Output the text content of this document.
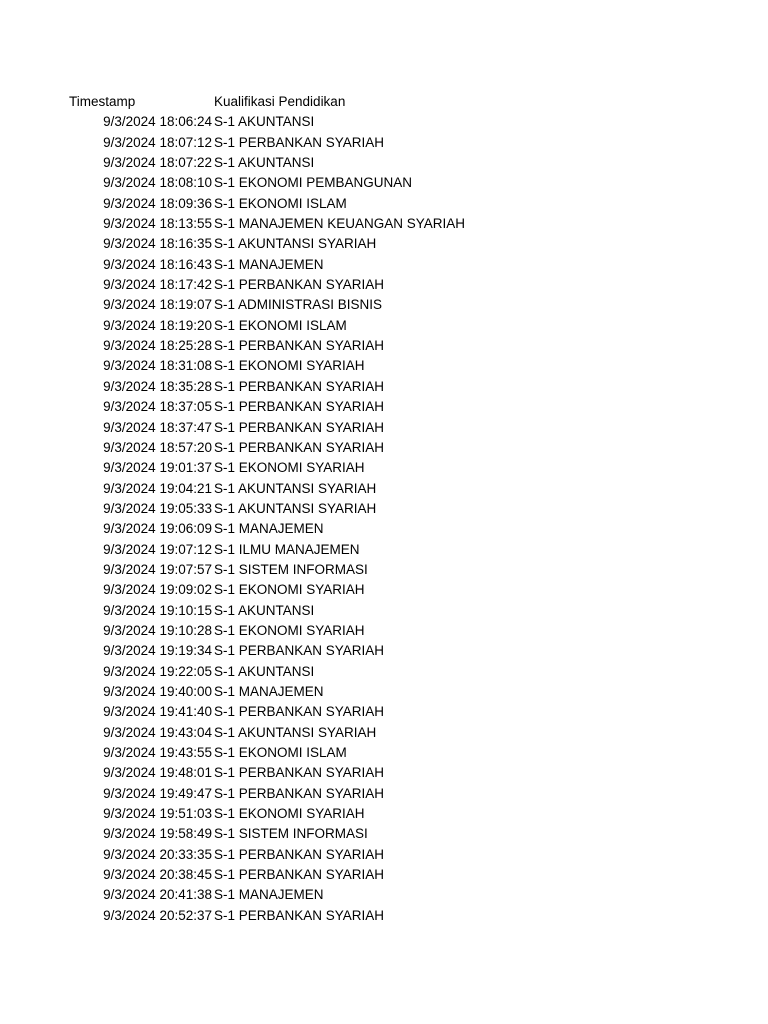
Timestamp	Kualifikasi Pendidikan
9/3/2024 18:06:24 S-1 AKUNTANSI
9/3/2024 18:07:12 S-1 PERBANKAN SYARIAH
9/3/2024 18:07:22 S-1 AKUNTANSI
9/3/2024 18:08:10 S-1 EKONOMI PEMBANGUNAN
9/3/2024 18:09:36 S-1 EKONOMI ISLAM
9/3/2024 18:13:55 S-1 MANAJEMEN KEUANGAN SYARIAH
9/3/2024 18:16:35 S-1 AKUNTANSI SYARIAH
9/3/2024 18:16:43 S-1 MANAJEMEN
9/3/2024 18:17:42 S-1 PERBANKAN SYARIAH
9/3/2024 18:19:07 S-1 ADMINISTRASI BISNIS
9/3/2024 18:19:20 S-1 EKONOMI ISLAM
9/3/2024 18:25:28 S-1 PERBANKAN SYARIAH
9/3/2024 18:31:08 S-1 EKONOMI SYARIAH
9/3/2024 18:35:28 S-1 PERBANKAN SYARIAH
9/3/2024 18:37:05 S-1 PERBANKAN SYARIAH
9/3/2024 18:37:47 S-1 PERBANKAN SYARIAH
9/3/2024 18:57:20 S-1 PERBANKAN SYARIAH
9/3/2024 19:01:37 S-1 EKONOMI SYARIAH
9/3/2024 19:04:21 S-1 AKUNTANSI SYARIAH
9/3/2024 19:05:33 S-1 AKUNTANSI SYARIAH
9/3/2024 19:06:09 S-1 MANAJEMEN
9/3/2024 19:07:12 S-1 ILMU MANAJEMEN
9/3/2024 19:07:57 S-1 SISTEM INFORMASI
9/3/2024 19:09:02 S-1 EKONOMI SYARIAH
9/3/2024 19:10:15 S-1 AKUNTANSI
9/3/2024 19:10:28 S-1 EKONOMI SYARIAH
9/3/2024 19:19:34 S-1 PERBANKAN SYARIAH
9/3/2024 19:22:05 S-1 AKUNTANSI
9/3/2024 19:40:00 S-1 MANAJEMEN
9/3/2024 19:41:40 S-1 PERBANKAN SYARIAH
9/3/2024 19:43:04 S-1 AKUNTANSI SYARIAH
9/3/2024 19:43:55 S-1 EKONOMI ISLAM
9/3/2024 19:48:01 S-1 PERBANKAN SYARIAH
9/3/2024 19:49:47 S-1 PERBANKAN SYARIAH
9/3/2024 19:51:03 S-1 EKONOMI SYARIAH
9/3/2024 19:58:49 S-1 SISTEM INFORMASI
9/3/2024 20:33:35 S-1 PERBANKAN SYARIAH
9/3/2024 20:38:45 S-1 PERBANKAN SYARIAH
9/3/2024 20:41:38 S-1 MANAJEMEN
9/3/2024 20:52:37 S-1 PERBANKAN SYARIAH
